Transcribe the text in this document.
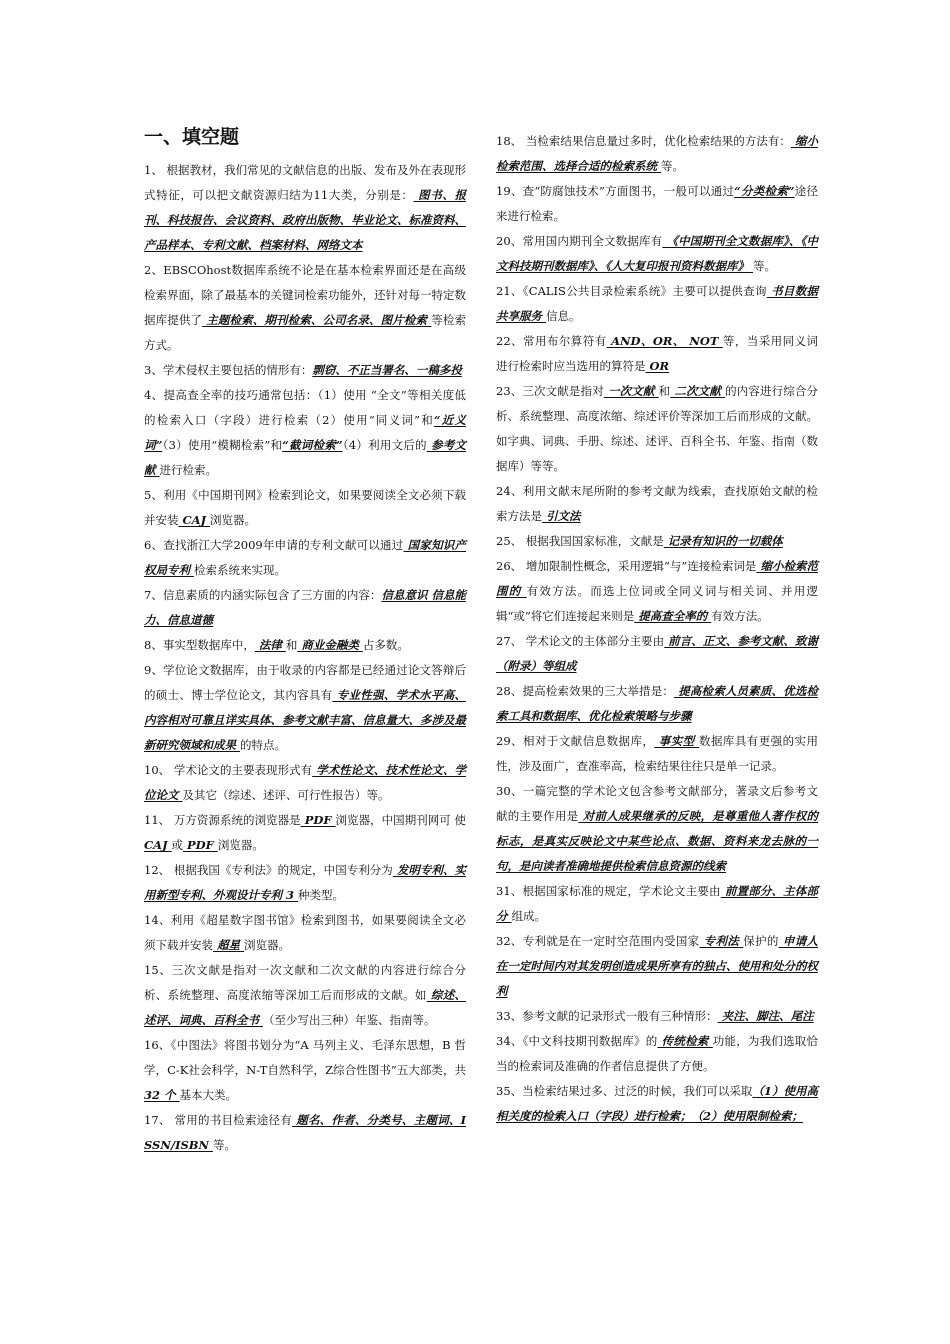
一、填空题

1、 根据教材，我们常见的文献信息的出版、发布及外在表现形式特征，可以把文献资源归结为11大类，分别是： 图书、报刊、科技报告、会议资料、政府出版物、毕业论文、标准资料、产品样本、专利文献、档案材料、网络文本

2、EBSCOhost数据库系统不论是在基本检索界面还是在高级检索界面，除了最基本的关键词检索功能外，还针对每一特定数据库提供了 主题检索、期刊检索、公司名录、图片检索 等检索方式。

3、学术侵权主要包括的情形有：剽窃、不正当署名、一稿多投

4、提高查全率的技巧通常包括：（1）使用 “全文”等相关度低的检索入口（字段）进行检索（2）使用“同义词”和“近义词”（3）使用“模糊检索”和“截词检索”（4）利用文后的 参考文献 进行检索。

5、利用《中国期刊网》检索到论文，如果要阅读全文必须下载并安装 CAJ 浏览器。

6、查找浙江大学2009年申请的专利文献可以通过 国家知识产权局专利 检索系统来实现。

7、信息素质的内涵实际包含了三方面的内容：信息意识 信息能力、信息道德

8、事实型数据库中， 法律 和 商业金融类 占多数。

9、学位论文数据库，由于收录的内容都是已经通过论文答辩后的硕士、博士学位论文，其内容具有 专业性强、学术水平高、内容相对可靠且详实具体、参考文献丰富、信息量大、多涉及最新研究领域和成果 的特点。

10、 学术论文的主要表现形式有 学术性论文、技术性论文、学位论文 及其它（综述、述评、可行性报告）等。

11、 万方资源系统的浏览器是 PDF 浏览器，中国期刊网可 使 CAJ 或 PDF 浏览器。

12、 根据我国《专利法》的规定，中国专利分为 发明专利、实用新型专利、外观设计专利 3 种类型。

14、利用《超星数字图书馆》检索到图书，如果要阅读全文必须下载并安装 超星 浏览器。

15、三次文献是指对一次文献和二次文献的内容进行综合分析、系统整理、高度浓缩等深加工后而形成的文献。如 综述、述评、词典、百科全书 （至少写出三种）年鉴、指南等。

16、《中图法》将图书划分为“A 马列主义、毛泽东思想，B 哲学，C-K社会科学，N-T自然科学，Z综合性图书”五大部类，共 32 个 基本大类。

17、 常用的书目检索途径有 题名、作者、分类号、主题词、ISSN/ISBN 等。

18、 当检索结果信息量过多时，优化检索结果的方法有： 缩小检索范围、选择合适的检索系统 等。

19、查“防腐蚀技术”方面图书，一般可以通过“分类检索”途径来进行检索。

20、常用国内期刊全文数据库有 《中国期刊全文数据库》、《中文科技期刊数据库》、《人大复印报刊资料数据库》 等。

21、《CALIS公共目录检索系统》主要可以提供查询 书目数据共享服务 信息。

22、常用布尔算符有 AND、OR、 NOT 等，当采用同义词进行检索时应当选用的算符是 OR

23、三次文献是指对 一次文献 和 二次文献 的内容进行综合分析、系统整理、高度浓缩、综述评价等深加工后而形成的文献。如字典、词典、手册、综述、述评、百科全书、年鉴、指南（数据库）等等。

24、利用文献末尾所附的参考文献为线索，查找原始文献的检索方法是 引文法

25、 根据我国国家标准，文献是 记录有知识的一切载体

26、 增加限制性概念，采用逻辑“与”连接检索词是 缩小检索范围的 有效方法。而选上位词或全同义词与相关词、并用逻辑“或”将它们连接起来则是 提高查全率的 有效方法。

27、 学术论文的主体部分主要由 前言、正文、参考文献、致谢（附录）等组成

28、提高检索效果的三大举措是： 提高检索人员素质、优选检索工具和数据库、优化检索策略与步骤

29、相对于文献信息数据库， 事实型 数据库具有更强的实用性，涉及面广，查准率高，检索结果往往只是单一记录。

30、一篇完整的学术论文包含参考文献部分，著录文后参考文献的主要作用是 对前人成果继承的反映，是尊重他人著作权的标志，是真实反映论文中某些论点、数据、资料来龙去脉的一句，是向读者准确地提供检索信息资源的线索

31、根据国家标准的规定，学术论文主要由 前置部分、主体部分 组成。

32、专利就是在一定时空范围内受国家 专利法 保护的 申请人在一定时间内对其发明创造成果所享有的独占、使用和处分的权利

33、参考文献的记录形式一般有三种情形： 夹注、脚注、尾注

34、《中文科技期刊数据库》的 传统检索 功能，为我们选取恰当的检索词及准确的作者信息提供了方便。

35、当检索结果过多、过泛的时候，我们可以采取（1）使用高相关度的检索入口（字段）进行检索；（2）使用限制检索；
